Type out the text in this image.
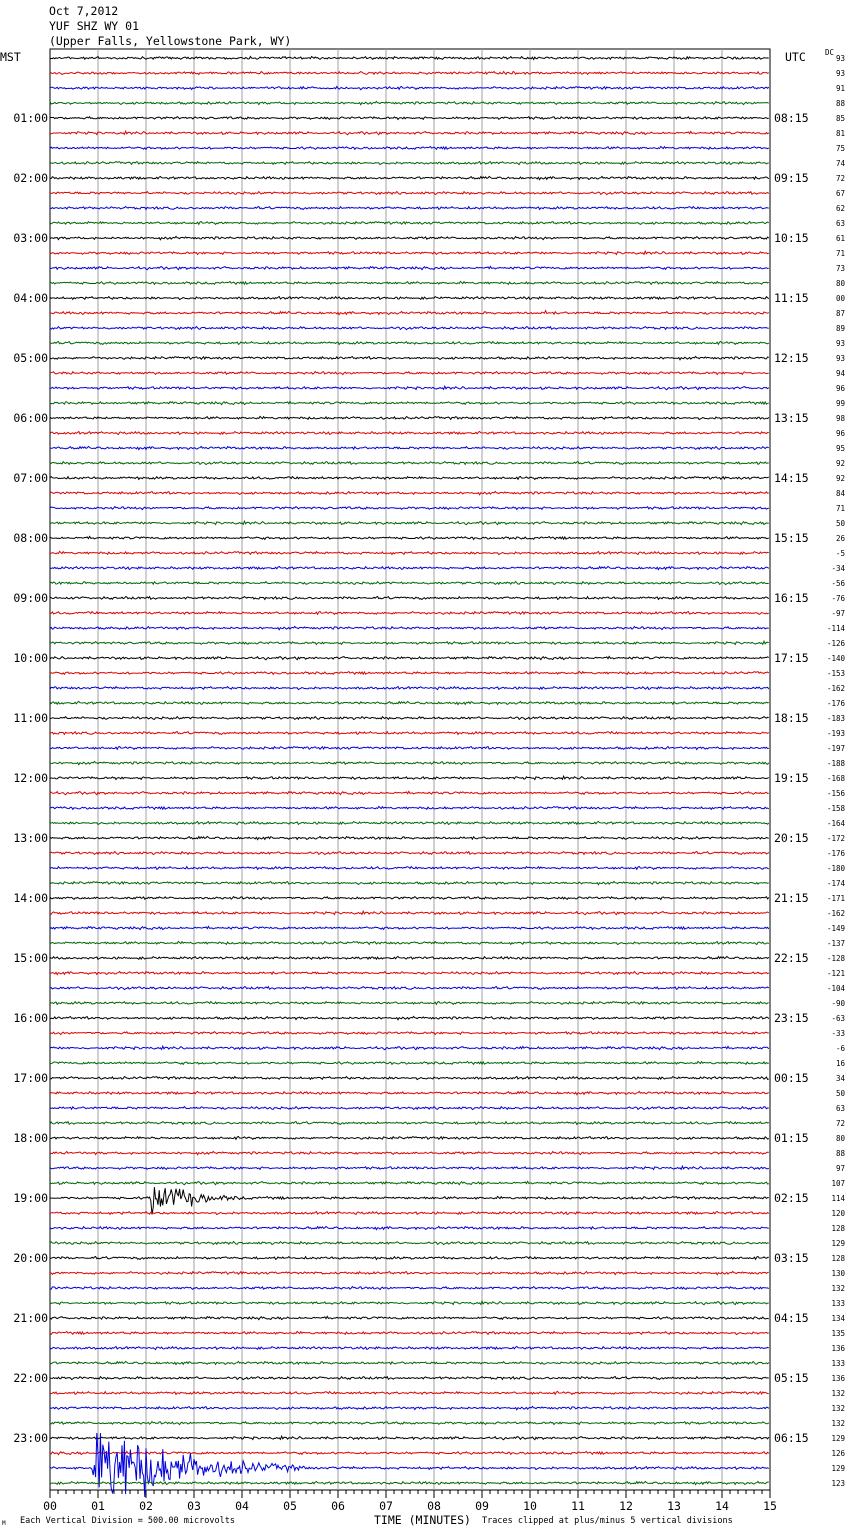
Oct 7,2012
YUF SHZ WY 01
(Upper Falls, Yellowstone Park, WY)
MST	UTC	DC
00	01	02	03	04	05	06	07	08	09	10	11	12	13	14	15
93
93
91
88
85
81
75
74
72
67
62
63
61
71
73
80
00
87
89
93
93
94
96
99
98
96
95
92
92
84
71
50
26
-5
-34
-56
-76
-97
-114
-126
-140
-153
-162
-176
-183
-193
-197
-188
-168
-156
-158
-164
-172
-176
-180
-174
-171
-162
-149
-137
-128
-121
-104
-90
-63
-33
-6
16
34
50
63
72
80
88
97
107
114
120
128
129
128
130
132
133
134
135
136
133
136
132
132
132
129
126
129
123
01:00	08:15
02:00	09:15
03:00	10:15
04:00	11:15
05:00	12:15
06:00	13:15
07:00	14:15
08:00	15:15
09:00	16:15
10:00	17:15
11:00	18:15
12:00	19:15
13:00	20:15
14:00	21:15
15:00	22:15
16:00	23:15
17:00	00:15
18:00	01:15
19:00	02:15
20:00	03:15
21:00	04:15
22:00	05:15
23:00	06:15
Each Vertical Division = 500.00 microvolts	TIME (MINUTES) Traces clipped at plus/minus 5 vertical divisions
M
